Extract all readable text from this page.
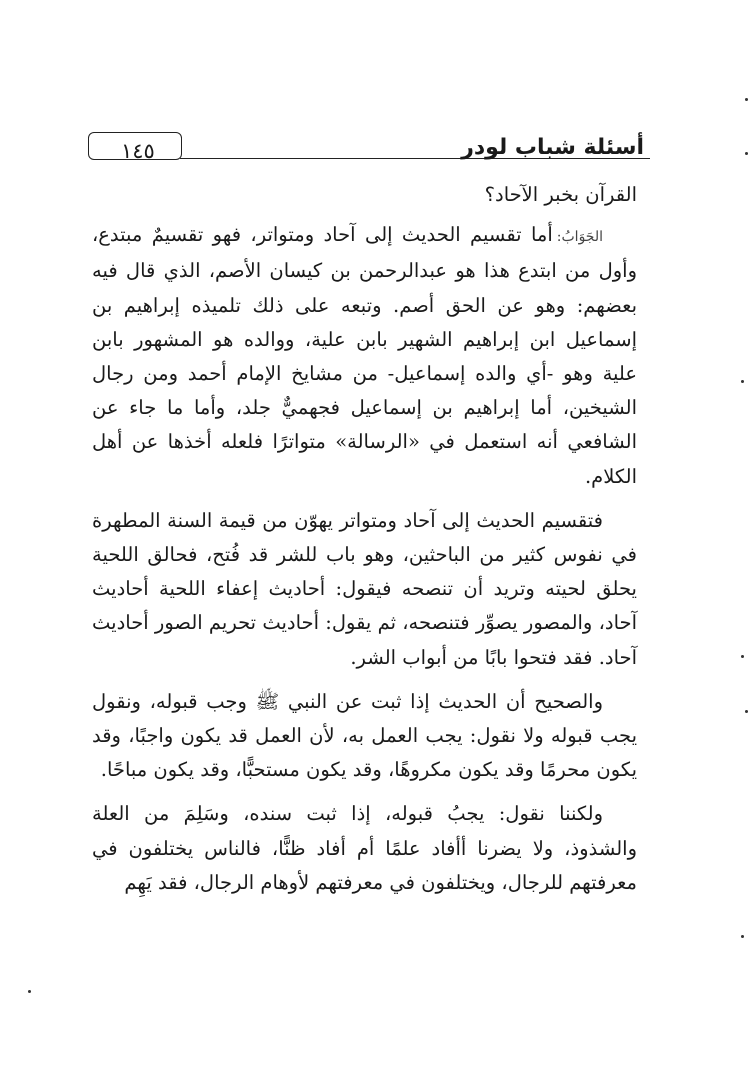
١٤٥	أسئلة شباب لودر

القرآن بخبر الآحاد؟

الجَوَابُ:أما تقسيم الحديث إلى آحاد ومتواتر، فهو تقسيمٌ مبتدع، وأول من ابتدع هذا هو عبدالرحمن بن كيسان الأصم، الذي قال فيه بعضهم: وهو عن الحق أصم. وتبعه على ذلك تلميذه إبراهيم بن إسماعيل ابن إبراهيم الشهير بابن علية، ووالده هو المشهور بابن علية وهو -أي والده إسماعيل- من مشايخ الإمام أحمد ومن رجال الشيخين، أما إبراهيم بن إسماعيل فجهميٌّ جلد، وأما ما جاء عن الشافعي أنه استعمل في «الرسالة» متواترًا فلعله أخذها عن أهل الكلام.

فتقسيم الحديث إلى آحاد ومتواتر يهوّن من قيمة السنة المطهرة في نفوس كثير من الباحثين، وهو باب للشر قد فُتح، فحالق اللحية يحلق لحيته وتريد أن تنصحه فيقول: أحاديث إعفاء اللحية أحاديث آحاد، والمصور يصوِّر فتنصحه، ثم يقول: أحاديث تحريم الصور أحاديث آحاد. فقد فتحوا بابًا من أبواب الشر.

والصحيح أن الحديث إذا ثبت عن النبي ﷺ وجب قبوله، ونقول يجب قبوله ولا نقول: يجب العمل به، لأن العمل قد يكون واجبًا، وقد يكون محرمًا وقد يكون مكروهًا، وقد يكون مستحبًّا، وقد يكون مباحًا.

ولكننا نقول: يجبُ قبوله، إذا ثبت سنده، وسَلِمَ من العلة والشذوذ، ولا يضرنا أأفاد علمًا أم أفاد ظنًّا، فالناس يختلفون في معرفتهم للرجال، ويختلفون في معرفتهم لأوهام الرجال، فقد يَهِم
